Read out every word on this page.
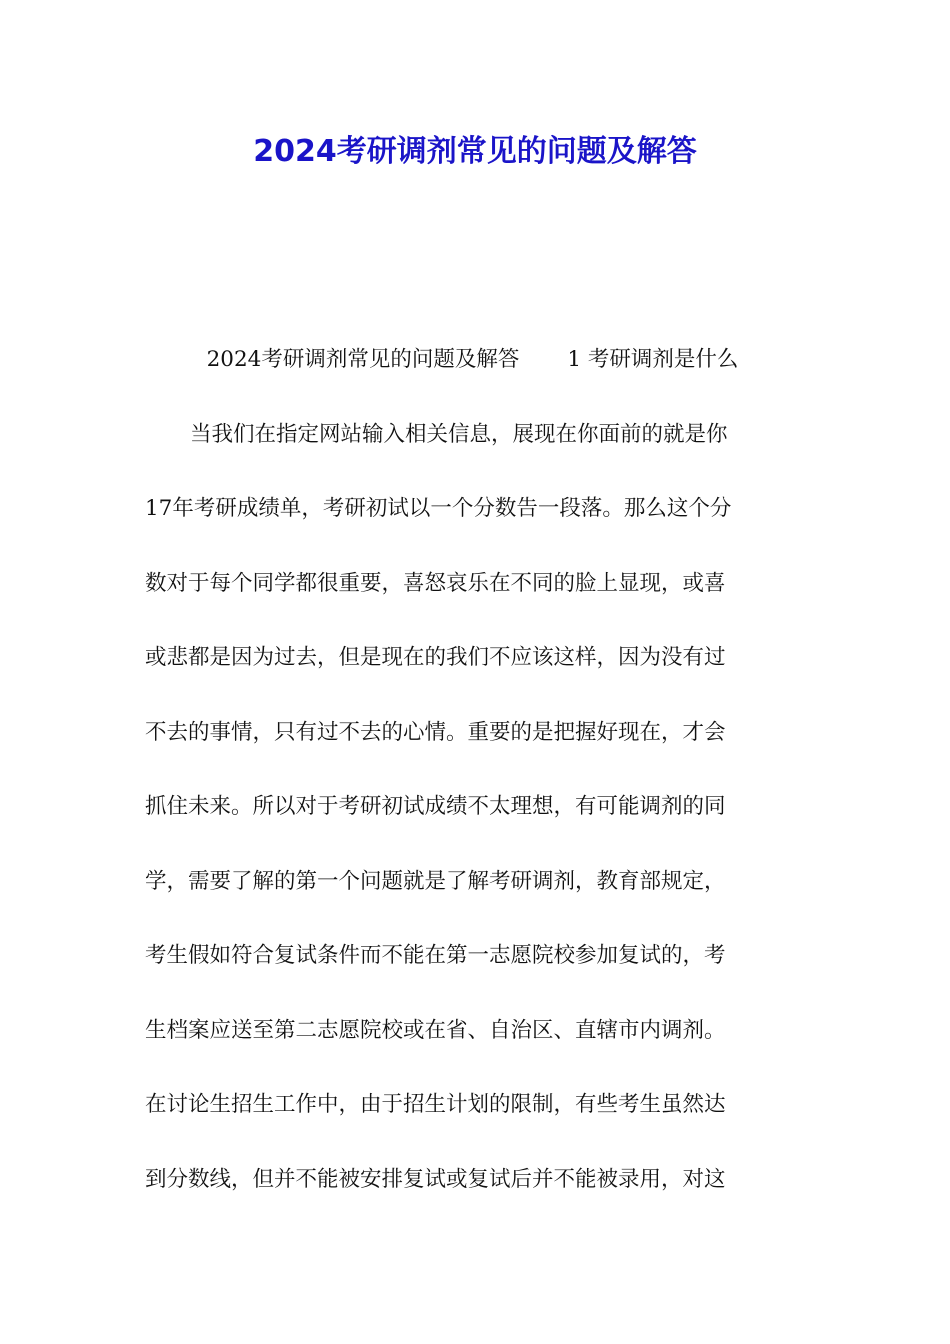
2024考研调剂常见的问题及解答
2024考研调剂常见的问题及解答 1 考研调剂是什么
当我们在指定网站输入相关信息，展现在你面前的就是你
17年考研成绩单，考研初试以一个分数告一段落。那么这个分
数对于每个同学都很重要，喜怒哀乐在不同的脸上显现，或喜
或悲都是因为过去，但是现在的我们不应该这样，因为没有过
不去的事情，只有过不去的心情。重要的是把握好现在，才会
抓住未来。所以对于考研初试成绩不太理想，有可能调剂的同
学，需要了解的第一个问题就是了解考研调剂，教育部规定，
考生假如符合复试条件而不能在第一志愿院校参加复试的，考
生档案应送至第二志愿院校或在省、自治区、直辖市内调剂。
在讨论生招生工作中，由于招生计划的限制，有些考生虽然达
到分数线，但并不能被安排复试或复试后并不能被录用，对这
